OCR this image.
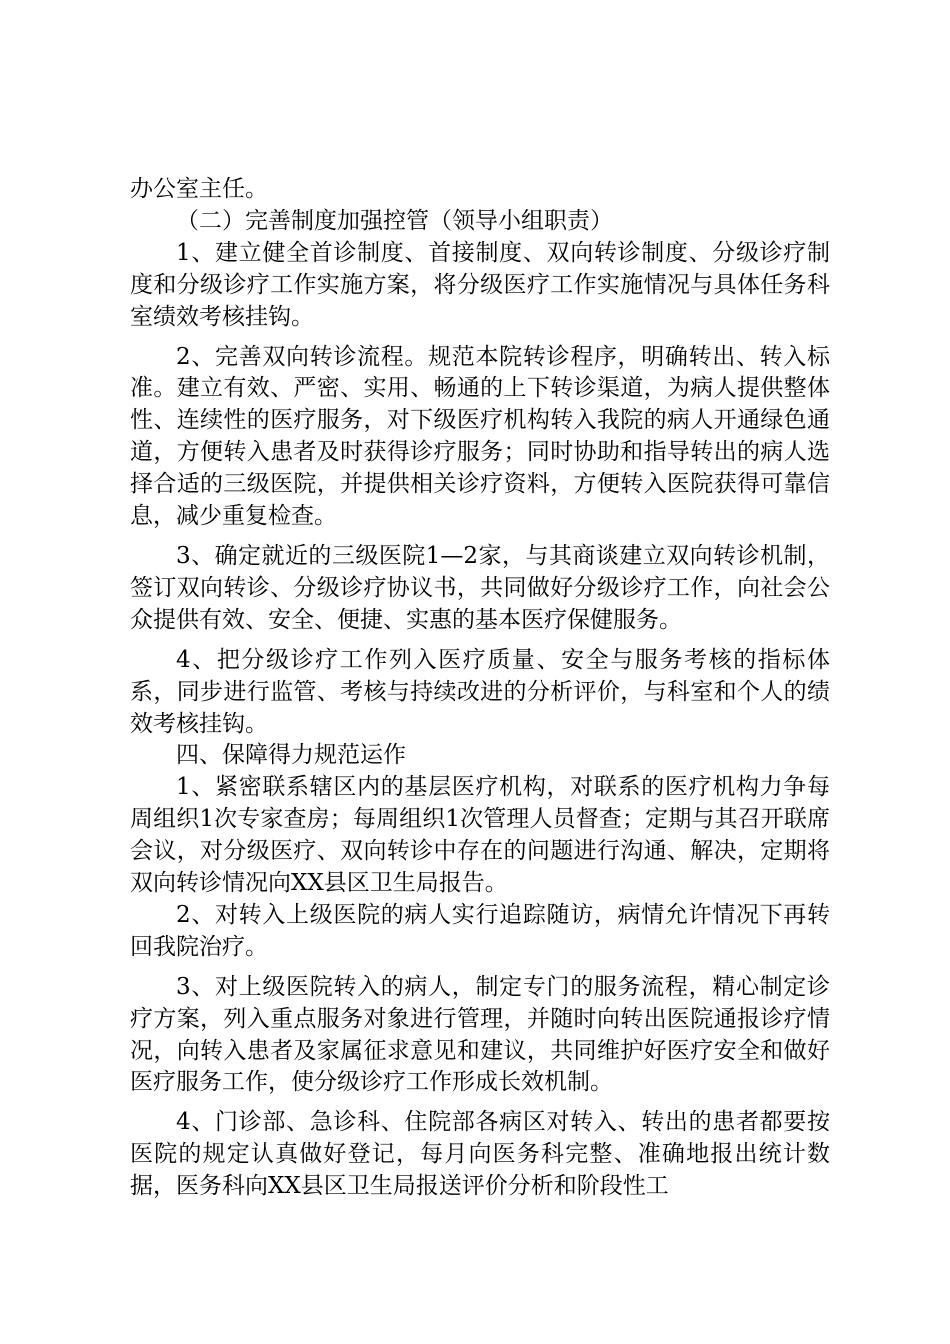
办公室主任。

（二）完善制度加强控管（领导小组职责）

1、建立健全首诊制度、首接制度、双向转诊制度、分级诊疗制度和分级诊疗工作实施方案，将分级医疗工作实施情况与具体任务科室绩效考核挂钩。

2、完善双向转诊流程。规范本院转诊程序，明确转出、转入标准。建立有效、严密、实用、畅通的上下转诊渠道，为病人提供整体性、连续性的医疗服务，对下级医疗机构转入我院的病人开通绿色通道，方便转入患者及时获得诊疗服务；同时协助和指导转出的病人选择合适的三级医院，并提供相关诊疗资料，方便转入医院获得可靠信息，减少重复检查。

3、确定就近的三级医院1—2家，与其商谈建立双向转诊机制，签订双向转诊、分级诊疗协议书，共同做好分级诊疗工作，向社会公众提供有效、安全、便捷、实惠的基本医疗保健服务。

4、把分级诊疗工作列入医疗质量、安全与服务考核的指标体系，同步进行监管、考核与持续改进的分析评价，与科室和个人的绩效考核挂钩。

四、保障得力规范运作

1、紧密联系辖区内的基层医疗机构，对联系的医疗机构力争每周组织1次专家查房；每周组织1次管理人员督查；定期与其召开联席会议，对分级医疗、双向转诊中存在的问题进行沟通、解决，定期将双向转诊情况向XX县区卫生局报告。

2、对转入上级医院的病人实行追踪随访，病情允许情况下再转回我院治疗。

3、对上级医院转入的病人，制定专门的服务流程，精心制定诊疗方案，列入重点服务对象进行管理，并随时向转出医院通报诊疗情况，向转入患者及家属征求意见和建议，共同维护好医疗安全和做好医疗服务工作，使分级诊疗工作形成长效机制。

4、门诊部、急诊科、住院部各病区对转入、转出的患者都要按医院的规定认真做好登记，每月向医务科完整、准确地报出统计数据，医务科向XX县区卫生局报送评价分析和阶段性工
